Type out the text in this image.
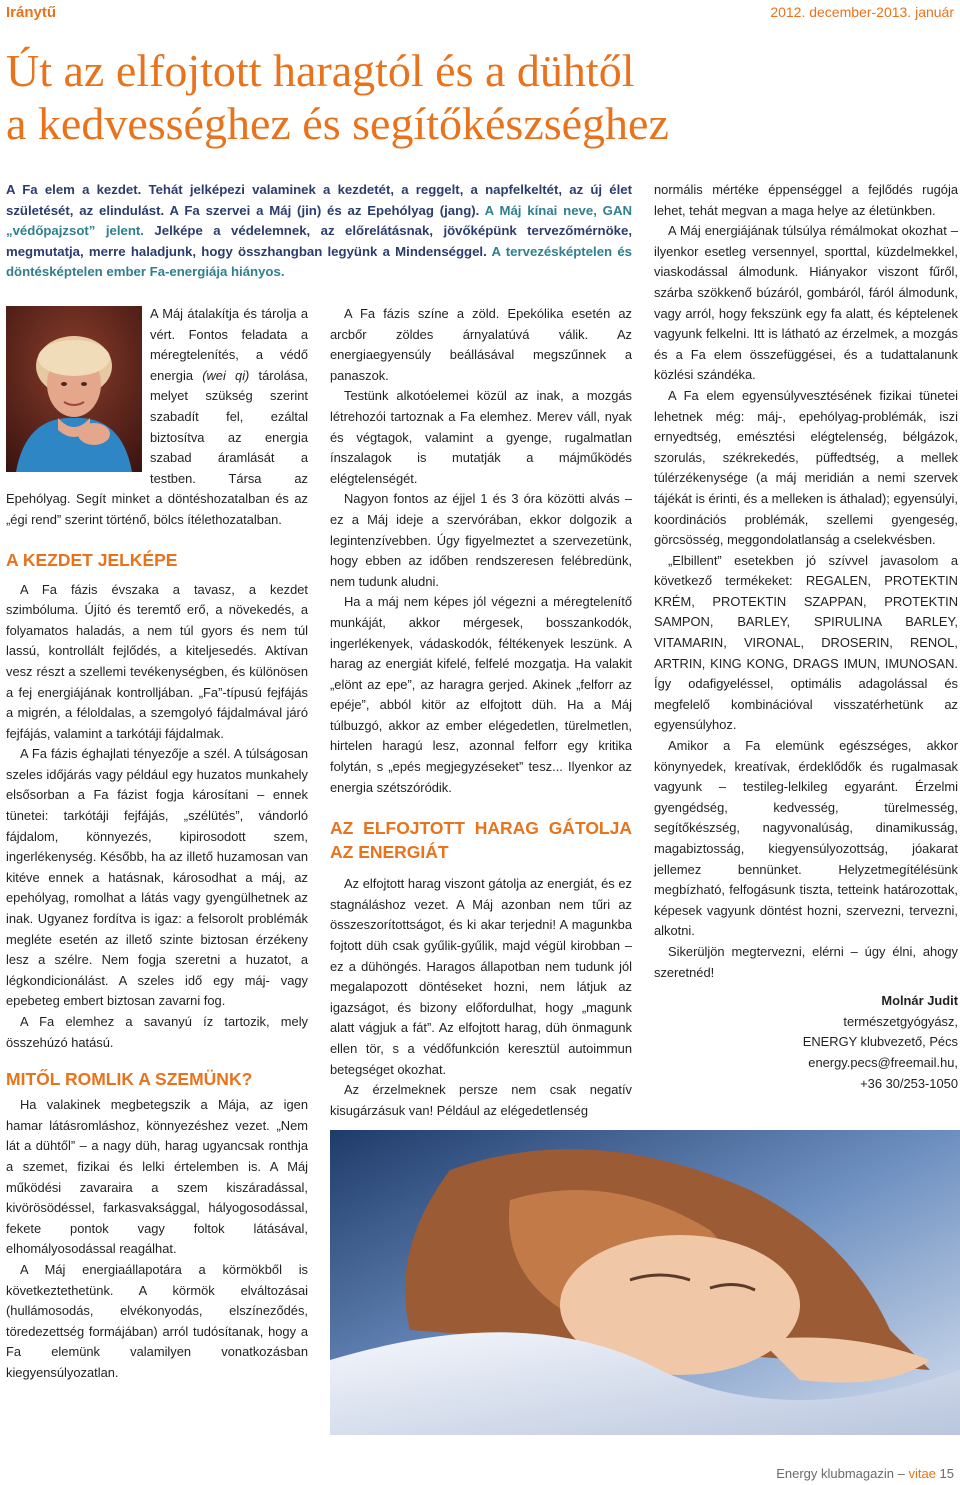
Iránytű	2012. december-2013. január
Út az elfojtott haragtól és a dühtől
a kedvességhez és segítőkészséghez

A Fa elem a kezdet. Tehát jelképezi valaminek a kezdetét, a reggelt, a napfelkeltét, az új élet születését, az elindulást. A Fa szervei a Máj (jin) és az Epehólyag (jang). A Máj kínai neve, GAN „védőpajzsot” jelent. Jelképe a védelemnek, az előrelátásnak, jövőképünk tervezőmérnöke, megmutatja, merre haladjunk, hogy összhangban legyünk a Mindenséggel. A tervezésképtelen és döntésképtelen ember Fa-energiája hiányos.

A Máj átalakítja és tárolja a vért. Fontos feladata a méregtelenítés, a védő energia (wei qi) tárolása, melyet szükség szerint szabadít fel, ezáltal biztosítva az energia szabad áramlását a testben. Társa az Epehólyag. Segít minket a döntéshozatalban és az „égi rend” szerint történő, bölcs ítélethozatalban.

A KEZDET JELKÉPE

A Fa fázis évszaka a tavasz, a kezdet szimbóluma. Újító és teremtő erő, a növekedés, a folyamatos haladás, a nem túl gyors és nem túl lassú, kontrollált fejlődés, a kiteljesedés. Aktívan vesz részt a szellemi tevékenységben, és különösen a fej energiájának kontrolljában. „Fa”-típusú fejfájás a migrén, a féloldalas, a szemgolyó fájdalmával járó fejfájás, valamint a tarkótáji fájdalmak.

A Fa fázis éghajlati tényezője a szél. A túlságosan szeles időjárás vagy például egy huzatos munkahely elsősorban a Fa fázist fogja károsítani – ennek tünetei: tarkótáji fejfájás, „szélütés”, vándorló fájdalom, könnyezés, kipirosodott szem, ingerlékenység. Később, ha az illető huzamosan van kitéve ennek a hatásnak, károsodhat a máj, az epehólyag, romolhat a látás vagy gyengülhetnek az inak. Ugyanez fordítva is igaz: a felsorolt problémák megléte esetén az illető szinte biztosan érzékeny lesz a szélre. Nem fogja szeretni a huzatot, a légkondicionálást. A szeles idő egy máj- vagy epebeteg embert biztosan zavarni fog.

A Fa elemhez a savanyú íz tartozik, mely összehúzó hatású.

MITŐL ROMLIK A SZEMÜNK?

Ha valakinek megbetegszik a Mája, az igen hamar látásromláshoz, könnyezéshez vezet. „Nem lát a dühtől” – a nagy düh, harag ugyancsak ronthja a szemet, fizikai és lelki értelemben is. A Máj működési zavaraira a szem kiszáradással, kivörösödéssel, farkasvaksággal, hályogosodással, fekete pontok vagy foltok látásával, elhomályosodással reagálhat.

A Máj energiaállapotára a körmökből is következtethetünk. A körmök elváltozásai (hullámosodás, elvékonyodás, elszíneződés, töredezettség formájában) arról tudósítanak, hogy a Fa elemünk valamilyen vonatkozásban kiegyensúlyozatlan.

A Fa fázis színe a zöld. Epekólika esetén az arcbőr zöldes árnyalatúvá válik. Az energiaegyensúly beállásával megszűnnek a panaszok.

Testünk alkotóelemei közül az inak, a mozgás létrehozói tartoznak a Fa elemhez. Merev váll, nyak és végtagok, valamint a gyenge, rugalmatlan ínszalagok is mutatják a májműködés elégtelenségét.

Nagyon fontos az éjjel 1 és 3 óra közötti alvás – ez a Máj ideje a szervórában, ekkor dolgozik a legintenzívebben. Úgy figyelmeztet a szervezetünk, hogy ebben az időben rendszeresen felébredünk, nem tudunk aludni.

Ha a máj nem képes jól végezni a méregtelenítő munkáját, akkor mérgesek, bosszankodók, ingerlékenyek, vádaskodók, féltékenyek leszünk. A harag az energiát kifelé, felfelé mozgatja. Ha valakit „elönt az epe”, az haragra gerjed. Akinek „felforr az epéje”, abból kitör az elfojtott düh. Ha a Máj túlbuzgó, akkor az ember elégedetlen, türelmetlen, hirtelen haragú lesz, azonnal felforr egy kritika folytán, s „epés megjegyzéseket” tesz... Ilyenkor az energia szétszóródik.

AZ ELFOJTOTT HARAG GÁTOLJA AZ ENERGIÁT

Az elfojtott harag viszont gátolja az energiát, és ez stagnáláshoz vezet. A Máj azonban nem tűri az összeszorítottságot, és ki akar terjedni! A magunkba fojtott düh csak gyűlik-gyűlik, majd végül kirobban – ez a dühöngés. Haragos állapotban nem tudunk jól megalapozott döntéseket hozni, nem látjuk az igazságot, és bizony előfordulhat, hogy „magunk alatt vágjuk a fát”. Az elfojtott harag, düh önmagunk ellen tör, s a védőfunkción keresztül autoimmun betegséget okozhat.

Az érzelmeknek persze nem csak negatív kisugárzásuk van! Például az elégedetlenség

normális mértéke éppenséggel a fejlődés rugója lehet, tehát megvan a maga helye az életünkben.

A Máj energiájának túlsúlya rémálmokat okozhat – ilyenkor esetleg versennyel, sporttal, küzdelmekkel, viaskodással álmodunk. Hiányakor viszont fűről, szárba szökkenő búzáról, gombáról, fáról álmodunk, vagy arról, hogy fekszünk egy fa alatt, és képtelenek vagyunk felkelni. Itt is látható az érzelmek, a mozgás és a Fa elem összefüggései, és a tudattalanunk közlési szándéka.

A Fa elem egyensúlyvesztésének fizikai tünetei lehetnek még: máj-, epehólyag-problémák, iszi ernyedtség, emésztési elégtelenség, bélgázok, szorulás, székrekedés, püffedtség, a mellek túlérzékenysége (a máj meridián a nemi szervek tájékát is érinti, és a melleken is áthalad); egyensúlyi, koordinációs problémák, szellemi gyengeség, görcsösség, meggondolatlanság a cselekvésben.

„Elbillent” esetekben jó szívvel javasolom a következő termékeket: REGALEN, PROTEKTIN KRÉM, PROTEKTIN SZAPPAN, PROTEKTIN SAMPON, BARLEY, SPIRULINA BARLEY, VITAMARIN, VIRONAL, DROSERIN, RENOL, ARTRIN, KING KONG, DRAGS IMUN, IMUNOSAN. Így odafigyeléssel, optimális adagolással és megfelelő kombinációval visszatérhetünk az egyensúlyhoz.

Amikor a Fa elemünk egészséges, akkor könynyedek, kreatívak, érdeklődők és rugalmasak vagyunk – testileg-lelkileg egyaránt. Érzelmi gyengédség, kedvesség, türelmesség, segítőkészség, nagyvonalúság, dinamikusság, magabiztosság, kiegyensúlyozottság, jóakarat jellemez bennünket. Helyzetmegítélésünk megbízható, felfogásunk tiszta, tetteink határozottak, képesek vagyunk döntést hozni, szervezni, tervezni, alkotni.

Sikerüljön megtervezni, elérni – úgy élni, ahogy szeretnéd!

Molnár Judit
természetgyógyász,
ENERGY klubvezető, Pécs
energy.pecs@freemail.hu,
+36 30/253-1050
Energy klubmagazin – vitae 15
